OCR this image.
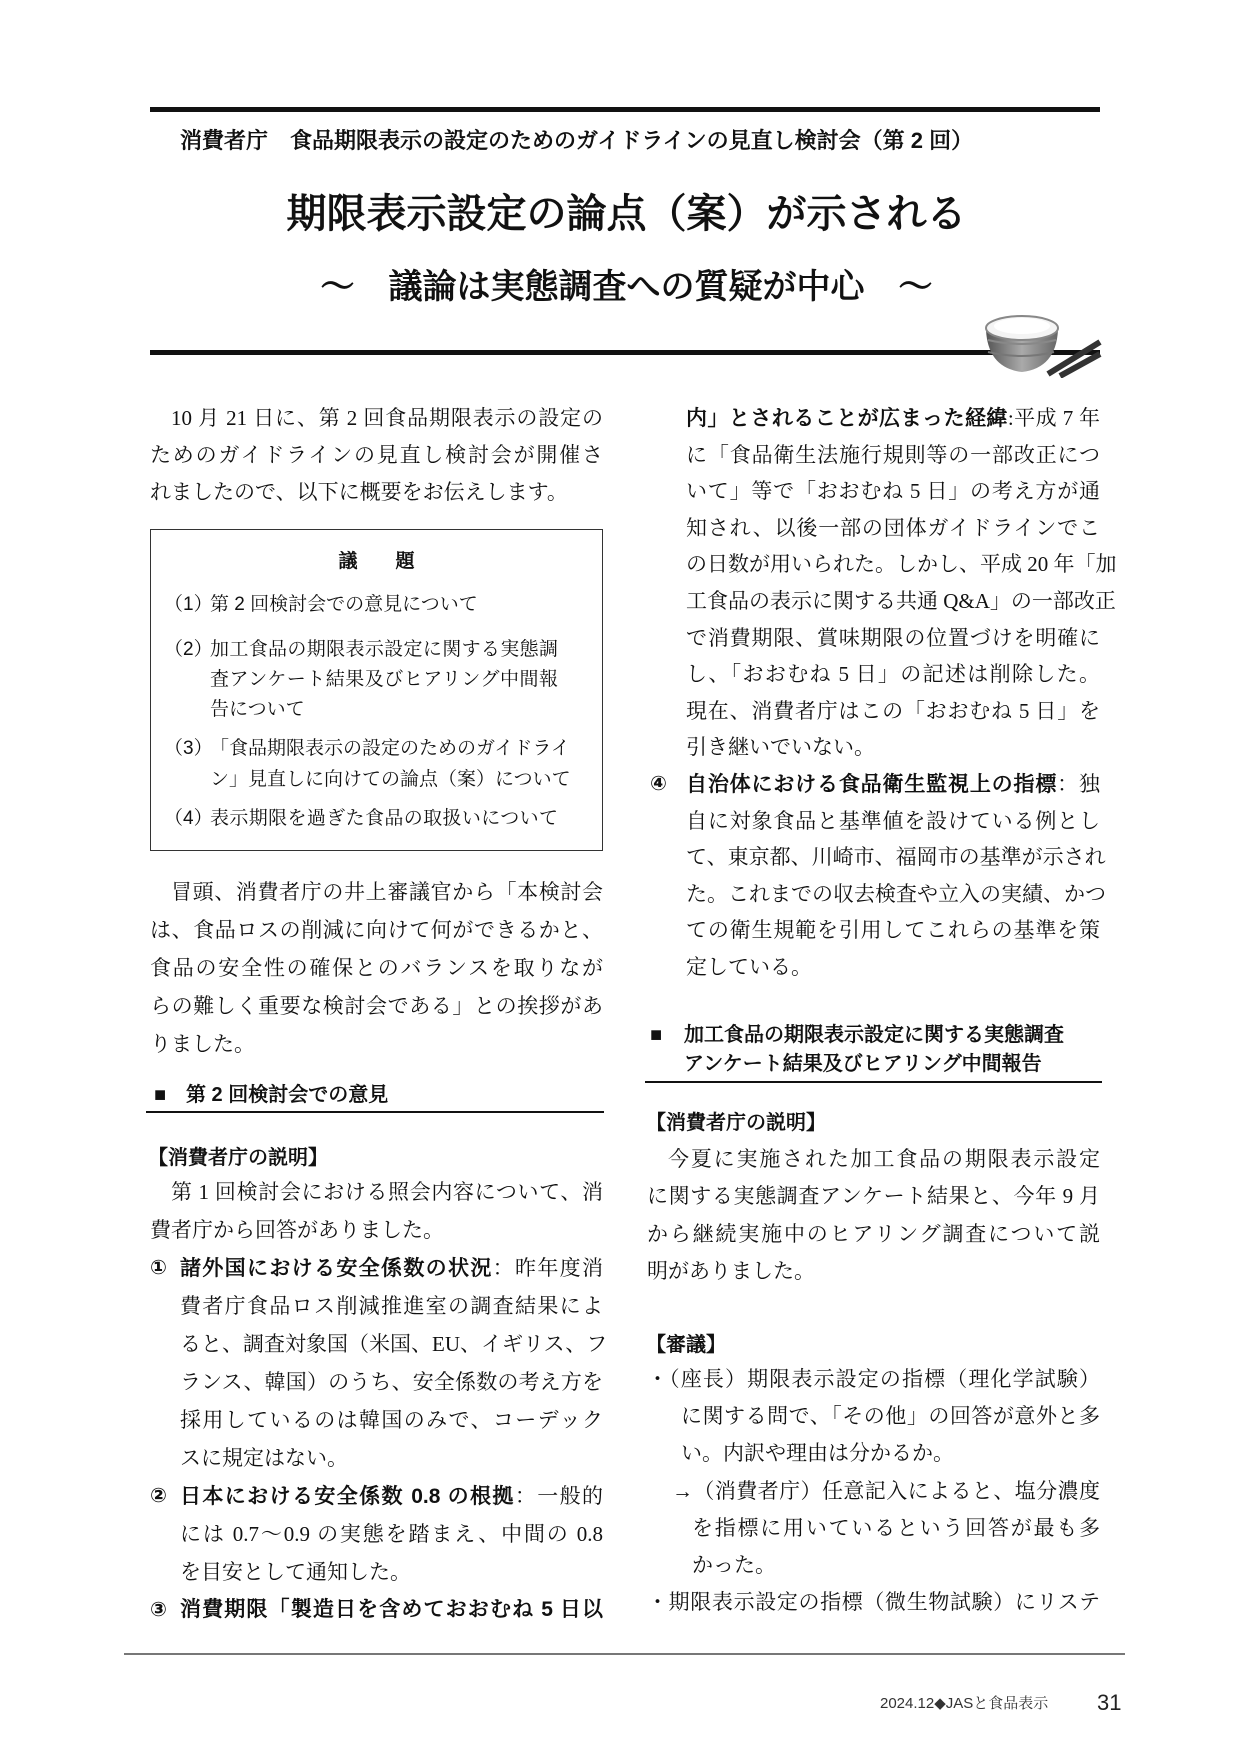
消費者庁　食品期限表示の設定のためのガイドラインの見直し検討会（第 2 回）
期限表示設定の論点（案）が示される
～　議論は実態調査への質疑が中心　～
10 月 21 日に、第 2 回食品期限表示の設定の
ためのガイドラインの見直し検討会が開催さ
れましたので、以下に概要をお伝えします。
議　　題
（1）
第 2 回検討会での意見について
（2）
加工食品の期限表示設定に関する実態調
査アンケート結果及びヒアリング中間報
告について
（3）
「食品期限表示の設定のためのガイドライ
ン」見直しに向けての論点（案）について
（4）
表示期限を過ぎた食品の取扱いについて
冒頭、消費者庁の井上審議官から「本検討会
は、食品ロスの削減に向けて何ができるかと、
食品の安全性の確保とのバランスを取りなが
らの難しく重要な検討会である」との挨拶があ
りました。
■ 第 2 回検討会での意見
【消費者庁の説明】
第 1 回検討会における照会内容について、消
費者庁から回答がありました。
① 諸外国における安全係数の状況：昨年度消
費者庁食品ロス削減推進室の調査結果によ
ると、調査対象国（米国、EU、イギリス、フ
ランス、韓国）のうち、安全係数の考え方を
採用しているのは韓国のみで、コーデック
スに規定はない。
② 日本における安全係数 0.8 の根拠：一般的
には 0.7～0.9 の実態を踏まえ、中間の 0.8
を目安として通知した。
③ 消費期限「製造日を含めておおむね 5 日以
内」とされることが広まった経緯:平成 7 年
に「食品衛生法施行規則等の一部改正につ
いて」等で「おおむね 5 日」の考え方が通
知され、以後一部の団体ガイドラインでこ
の日数が用いられた。しかし、平成 20 年「加
工食品の表示に関する共通 Q&A」の一部改正
で消費期限、賞味期限の位置づけを明確に
し、「おおむね 5 日」の記述は削除した。
現在、消費者庁はこの「おおむね 5 日」を
引き継いでいない。
④ 自治体における食品衛生監視上の指標：独
自に対象食品と基準値を設けている例とし
て、東京都、川崎市、福岡市の基準が示され
た。これまでの収去検査や立入の実績、かつ
ての衛生規範を引用してこれらの基準を策
定している。
■ 加工食品の期限表示設定に関する実態調査
アンケート結果及びヒアリング中間報告
【消費者庁の説明】
今夏に実施された加工食品の期限表示設定
に関する実態調査アンケート結果と、今年 9 月
から継続実施中のヒアリング調査について説
明がありました。
【審議】
・（座長）期限表示設定の指標（理化学試験）
に関する問で、「その他」の回答が意外と多
い。内訳や理由は分かるか。
→（消費者庁）任意記入によると、塩分濃度
を指標に用いているという回答が最も多
かった。
・期限表示設定の指標（微生物試験）にリステ
2024.12◆JASと食品表示 31
